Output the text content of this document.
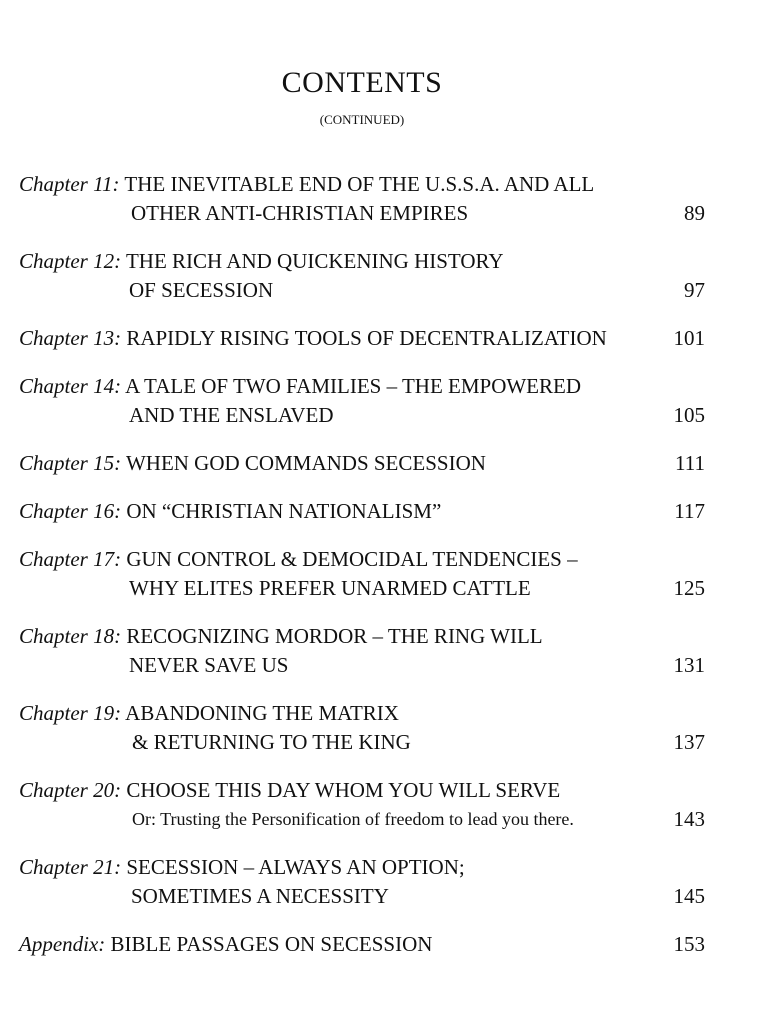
CONTENTS
(CONTINUED)
Chapter 11: THE INEVITABLE END OF THE U.S.S.A. AND ALL
OTHER ANTI-CHRISTIAN EMPIRES	89
Chapter 12: THE RICH AND QUICKENING HISTORY
OF SECESSION	97
Chapter 13: RAPIDLY RISING TOOLS OF DECENTRALIZATION	101
Chapter 14: A TALE OF TWO FAMILIES – THE EMPOWERED
AND THE ENSLAVED	105
Chapter 15: WHEN GOD COMMANDS SECESSION	111
Chapter 16: ON “CHRISTIAN NATIONALISM”	117
Chapter 17: GUN CONTROL & DEMOCIDAL TENDENCIES –
WHY ELITES PREFER UNARMED CATTLE	125
Chapter 18: RECOGNIZING MORDOR – THE RING WILL
NEVER SAVE US	131
Chapter 19: ABANDONING THE MATRIX
& RETURNING TO THE KING	137
Chapter 20: CHOOSE THIS DAY WHOM YOU WILL SERVE
Or: Trusting the Personification of freedom to lead you there.	143
Chapter 21: SECESSION – ALWAYS AN OPTION;
SOMETIMES A NECESSITY	145
Appendix: BIBLE PASSAGES ON SECESSION	153
